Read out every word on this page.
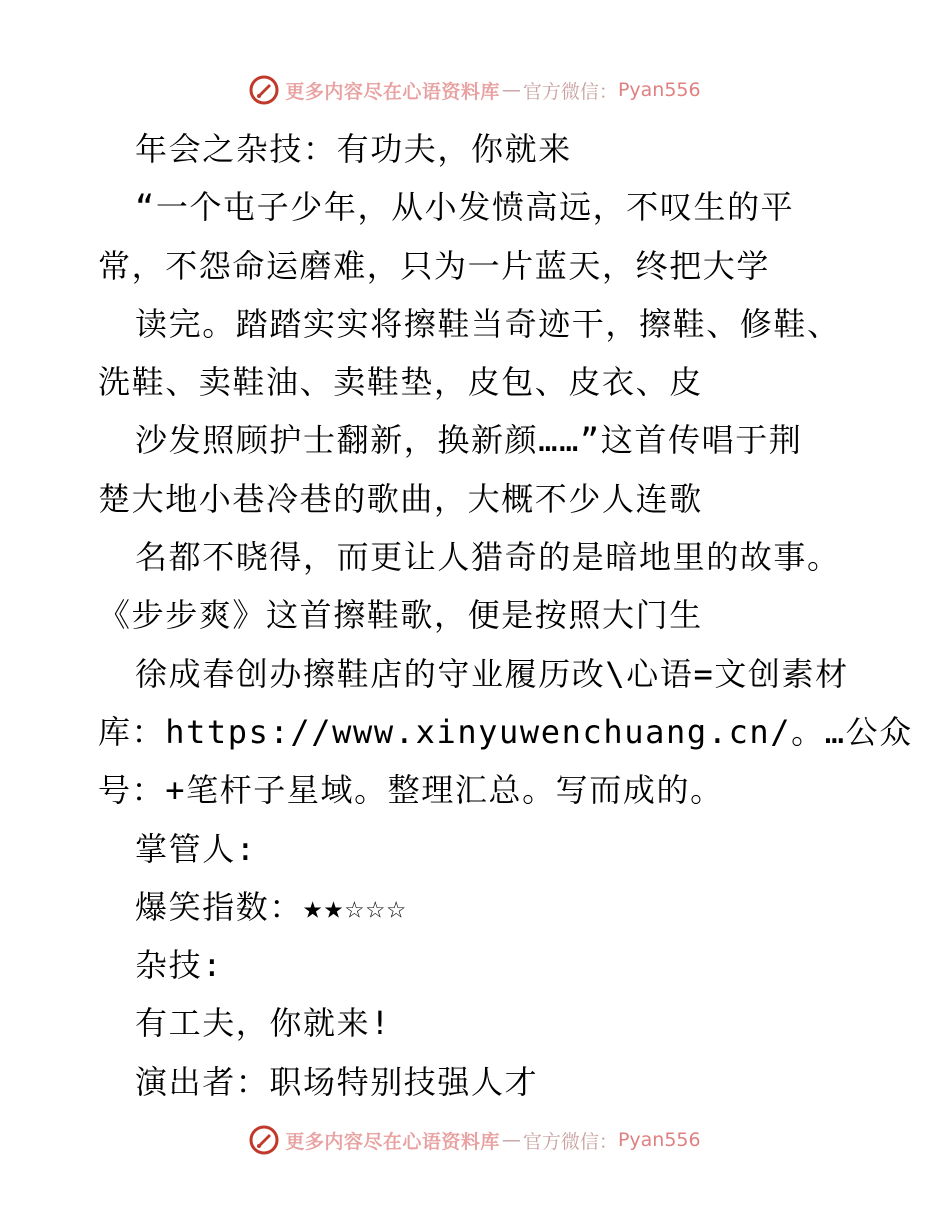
更多内容尽在心语资料库 — 官方微信： Pyan556
年会之杂技：有功夫，你就来
“一个屯子少年，从小发愤高远，不叹生的平
常，不怨命运磨难，只为一片蓝天，终把大学
读完。踏踏实实将擦鞋当奇迹干，擦鞋、修鞋、
洗鞋、卖鞋油、卖鞋垫，皮包、皮衣、皮
沙发照顾护士翻新，换新颜……”这首传唱于荆
楚大地小巷冷巷的歌曲，大概不少人连歌
名都不晓得，而更让人猎奇的是暗地里的故事。
《步步爽》这首擦鞋歌，便是按照大门生
徐成春创办擦鞋店的守业履历改\心语=文创素材
库：https://www.xinyuwenchuang.cn/。…公众
号：+笔杆子星域。整理汇总。写而成的。
掌管人:
爆笑指数：★★☆☆☆
杂技:
有工夫，你就来!
演出者：职场特别技强人才
更多内容尽在心语资料库 — 官方微信： Pyan556
